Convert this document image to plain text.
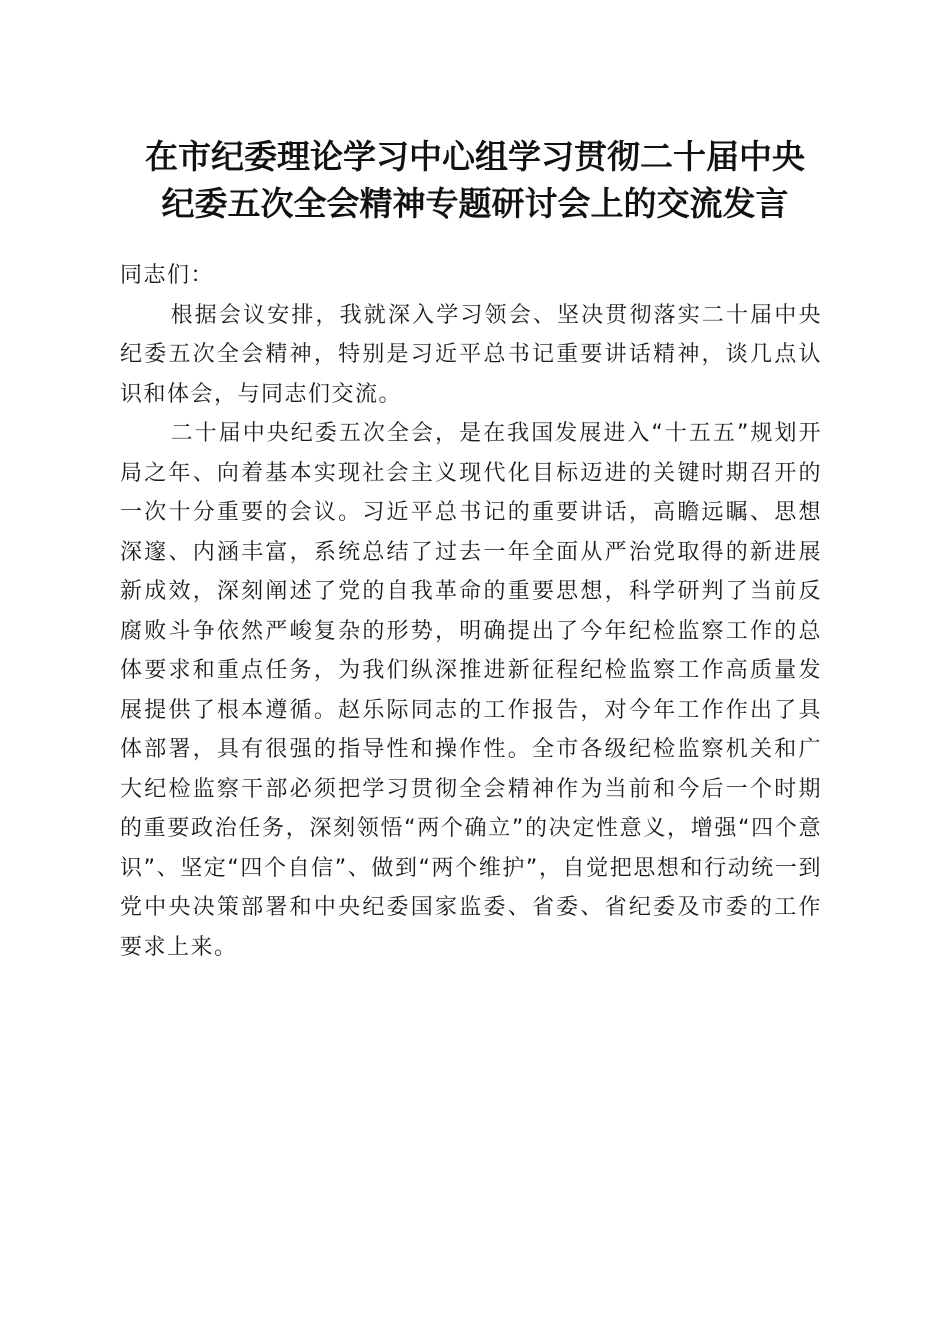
在市纪委理论学习中心组学习贯彻二十届中央
纪委五次全会精神专题研讨会上的交流发言

同志们：

根据会议安排，我就深入学习领会、坚决贯彻落实二十届中央纪委五次全会精神，特别是习近平总书记重要讲话精神，谈几点认识和体会，与同志们交流。

二十届中央纪委五次全会，是在我国发展进入“十五五”规划开局之年、向着基本实现社会主义现代化目标迈进的关键时期召开的一次十分重要的会议。习近平总书记的重要讲话，高瞻远瞩、思想深邃、内涵丰富，系统总结了过去一年全面从严治党取得的新进展新成效，深刻阐述了党的自我革命的重要思想，科学研判了当前反腐败斗争依然严峻复杂的形势，明确提出了今年纪检监察工作的总体要求和重点任务，为我们纵深推进新征程纪检监察工作高质量发展提供了根本遵循。赵乐际同志的工作报告，对今年工作作出了具体部署，具有很强的指导性和操作性。全市各级纪检监察机关和广大纪检监察干部必须把学习贯彻全会精神作为当前和今后一个时期的重要政治任务，深刻领悟“两个确立”的决定性意义，增强“四个意识”、坚定“四个自信”、做到“两个维护”，自觉把思想和行动统一到党中央决策部署和中央纪委国家监委、省委、省纪委及市委的工作要求上来。
